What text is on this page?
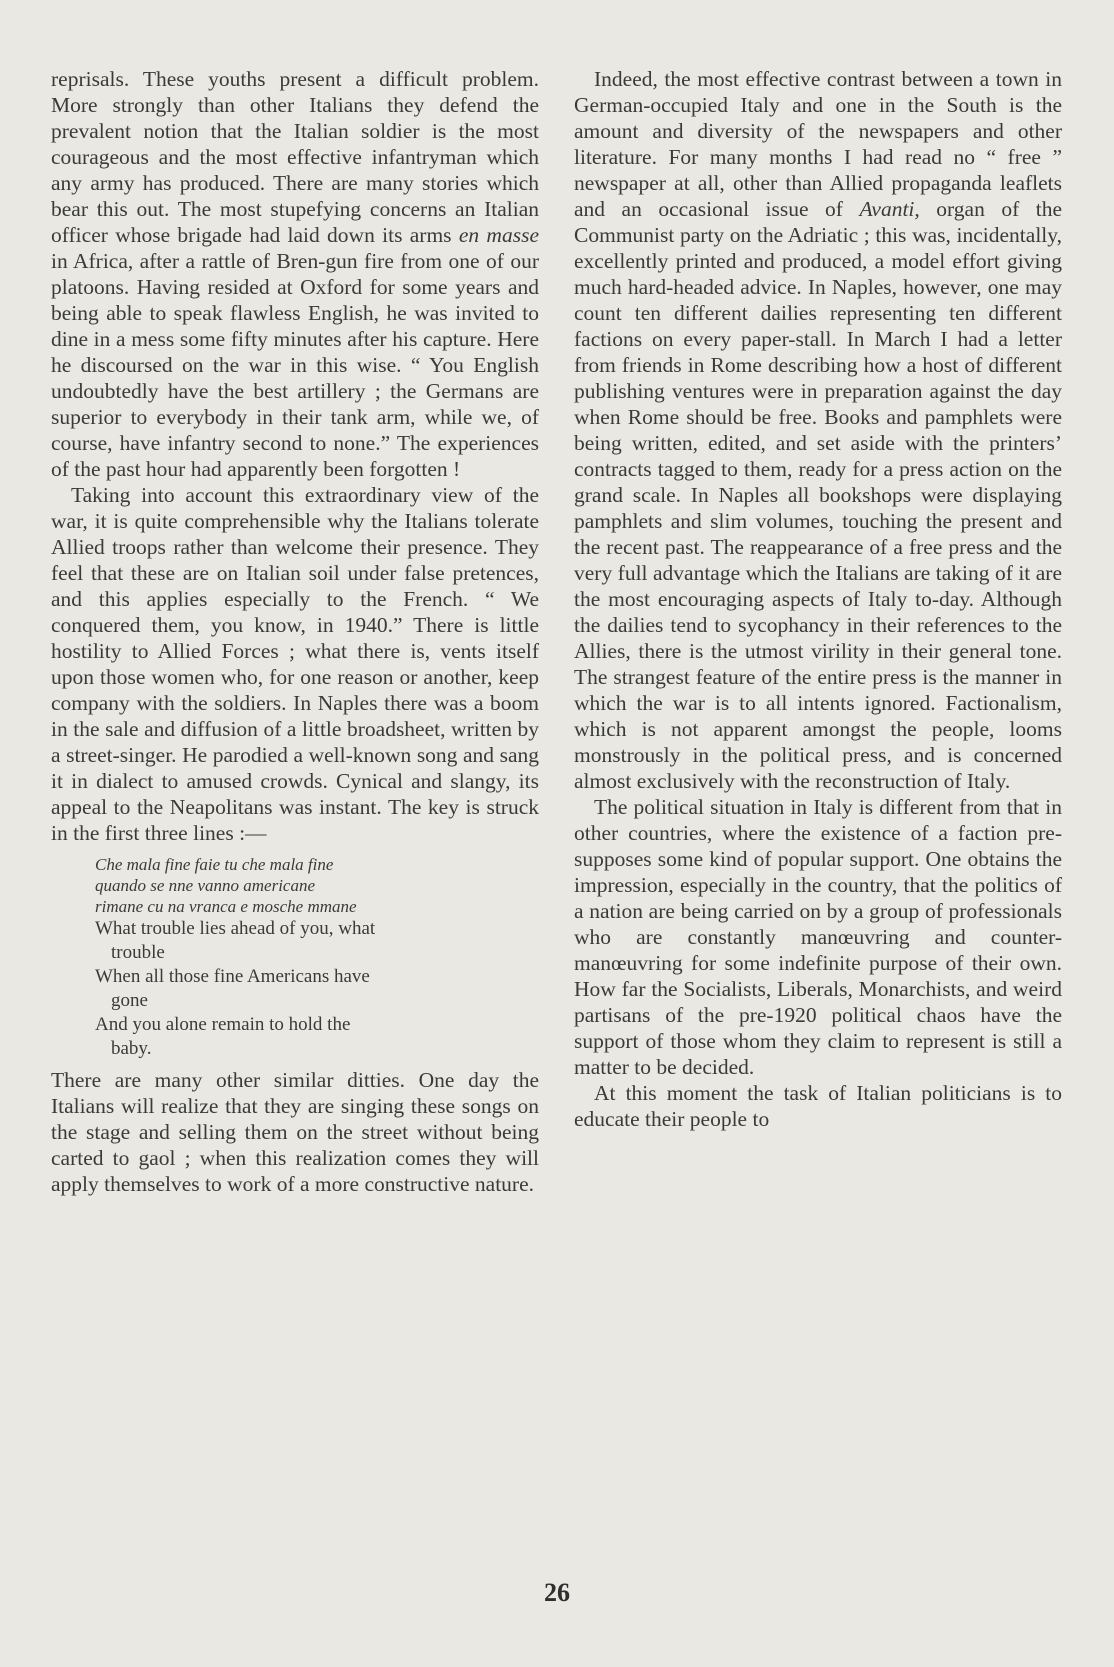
reprisals. These youths present a difficult problem. More strongly than other Italians they defend the prevalent notion that the Italian soldier is the most courageous and the most effective infantryman which any army has produced. There are many stories which bear this out. The most stupefying concerns an Italian officer whose brigade had laid down its arms en masse in Africa, after a rattle of Bren-gun fire from one of our platoons. Having resided at Oxford for some years and being able to speak flawless English, he was invited to dine in a mess some fifty minutes after his capture. Here he discoursed on the war in this wise. “ You English undoubtedly have the best artillery ; the Germans are superior to everybody in their tank arm, while we, of course, have infantry second to none.” The experiences of the past hour had apparently been forgotten !

Taking into account this extraordinary view of the war, it is quite comprehensible why the Italians tolerate Allied troops rather than welcome their presence. They feel that these are on Italian soil under false pretences, and this applies especially to the French. “ We conquered them, you know, in 1940.” There is little hostility to Allied Forces ; what there is, vents itself upon those women who, for one reason or another, keep company with the soldiers. In Naples there was a boom in the sale and diffusion of a little broadsheet, written by a street-singer. He parodied a well-known song and sang it in dialect to amused crowds. Cynical and slangy, its appeal to the Neapolitans was instant. The key is struck in the first three lines :—

Che mala fine faie tu che mala fine
quando se nne vanno americane
rimane cu na vranca e mosche mmane
What trouble lies ahead of you, what
trouble
When all those fine Americans have
gone
And you alone remain to hold the
baby.

There are many other similar ditties. One day the Italians will realize that they are singing these songs on the stage and selling them on the street without being carted to gaol ; when this realization comes they will apply themselves to work of a more constructive nature.

Indeed, the most effective contrast between a town in German-occupied Italy and one in the South is the amount and diversity of the newspapers and other literature. For many months I had read no “ free ” newspaper at all, other than Allied propaganda leaflets and an occasional issue of Avanti, organ of the Communist party on the Adriatic ; this was, incidentally, excellently printed and produced, a model effort giving much hard-headed advice. In Naples, however, one may count ten different dailies representing ten different factions on every paper-stall. In March I had a letter from friends in Rome describing how a host of different publishing ventures were in preparation against the day when Rome should be free. Books and pamphlets were being written, edited, and set aside with the printers’ contracts tagged to them, ready for a press action on the grand scale. In Naples all bookshops were displaying pamphlets and slim volumes, touching the present and the recent past. The reappearance of a free press and the very full advantage which the Italians are taking of it are the most encouraging aspects of Italy to-day. Although the dailies tend to sycophancy in their references to the Allies, there is the utmost virility in their general tone. The strangest feature of the entire press is the manner in which the war is to all intents ignored. Factionalism, which is not apparent amongst the people, looms monstrously in the political press, and is concerned almost exclusively with the reconstruction of Italy.

The political situation in Italy is different from that in other countries, where the existence of a faction presupposes some kind of popular support. One obtains the impression, especially in the country, that the politics of a nation are being carried on by a group of professionals who are constantly manœuvring and counter-manœuvring for some indefinite purpose of their own. How far the Socialists, Liberals, Monarchists, and weird partisans of the pre-1920 political chaos have the support of those whom they claim to represent is still a matter to be decided.

At this moment the task of Italian politicians is to educate their people to

26
